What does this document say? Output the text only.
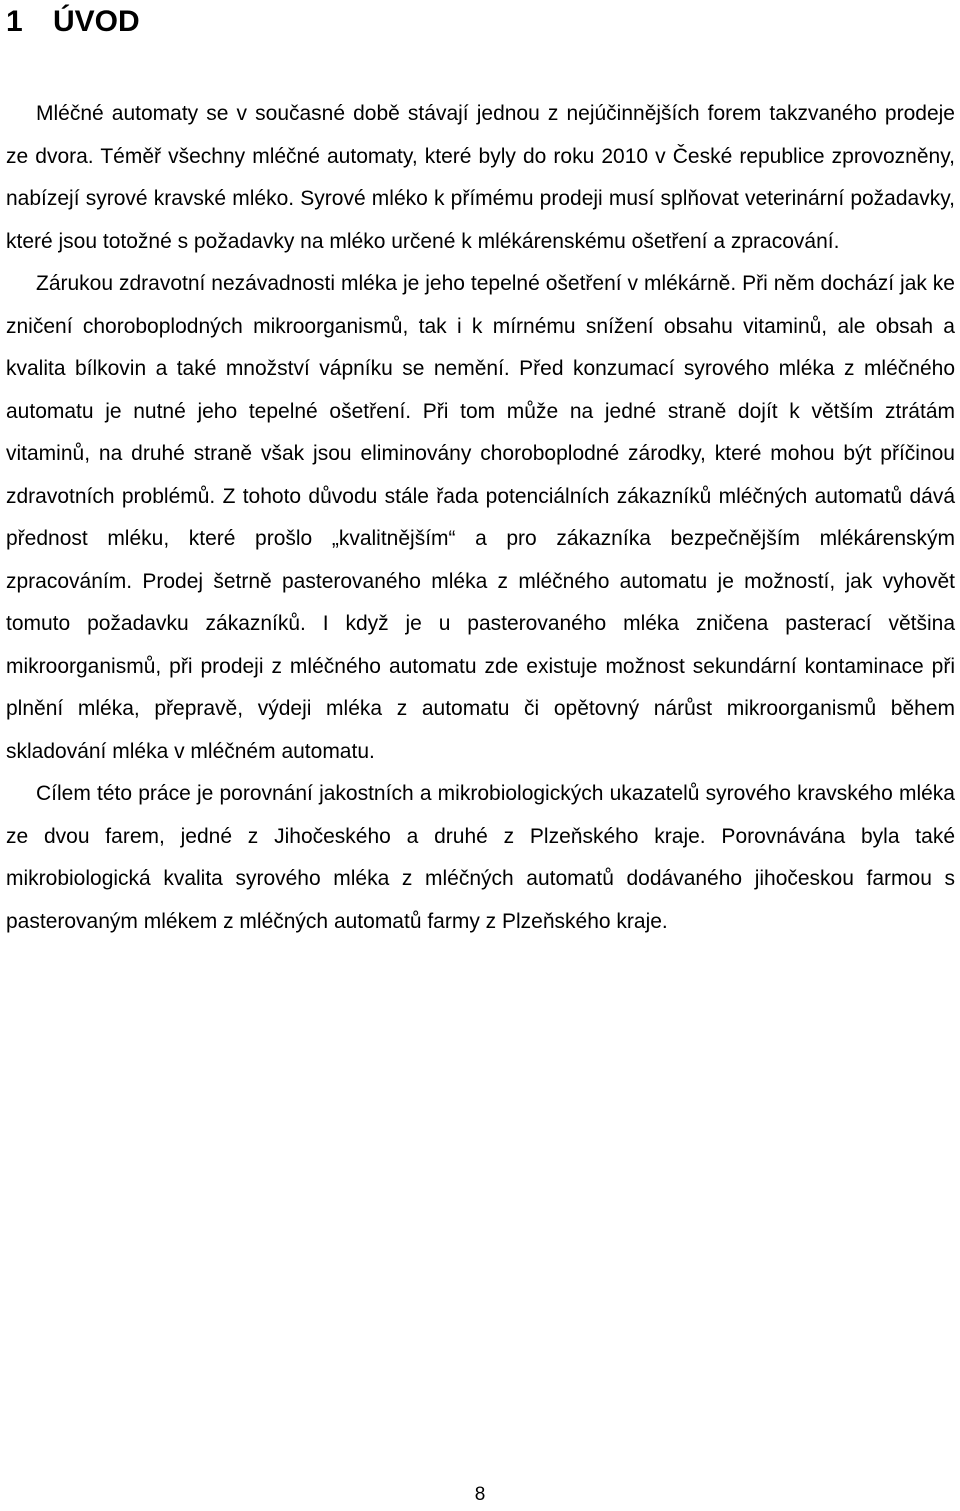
1 ÚVOD

Mléčné automaty se v současné době stávají jednou z nejúčinnějších forem takzvaného prodeje ze dvora. Téměř všechny mléčné automaty, které byly do roku 2010 v České republice zprovozněny, nabízejí syrové kravské mléko. Syrové mléko k přímému prodeji musí splňovat veterinární požadavky, které jsou totožné s požadavky na mléko určené k mlékárenskému ošetření a zpracování.

Zárukou zdravotní nezávadnosti mléka je jeho tepelné ošetření v mlékárně. Při něm dochází jak ke zničení choroboplodných mikroorganismů, tak i k mírnému snížení obsahu vitaminů, ale obsah a kvalita bílkovin a také množství vápníku se nemění. Před konzumací syrového mléka z mléčného automatu je nutné jeho tepelné ošetření. Při tom může na jedné straně dojít k větším ztrátám vitaminů, na druhé straně však jsou eliminovány choroboplodné zárodky, které mohou být příčinou zdravotních problémů. Z tohoto důvodu stále řada potenciálních zákazníků mléčných automatů dává přednost mléku, které prošlo „kvalitnějším“ a pro zákazníka bezpečnějším mlékárenským zpracováním. Prodej šetrně pasterovaného mléka z mléčného automatu je možností, jak vyhovět tomuto požadavku zákazníků. I když je u pasterovaného mléka zničena pasterací většina mikroorganismů, při prodeji z mléčného automatu zde existuje možnost sekundární kontaminace při plnění mléka, přepravě, výdeji mléka z automatu či opětovný nárůst mikroorganismů během skladování mléka v mléčném automatu.

Cílem této práce je porovnání jakostních a mikrobiologických ukazatelů syrového kravského mléka ze dvou farem, jedné z Jihočeského a druhé z Plzeňského kraje. Porovnávána byla také mikrobiologická kvalita syrového mléka z mléčných automatů dodávaného jihočeskou farmou s pasterovaným mlékem z mléčných automatů farmy z Plzeňského kraje.

8
